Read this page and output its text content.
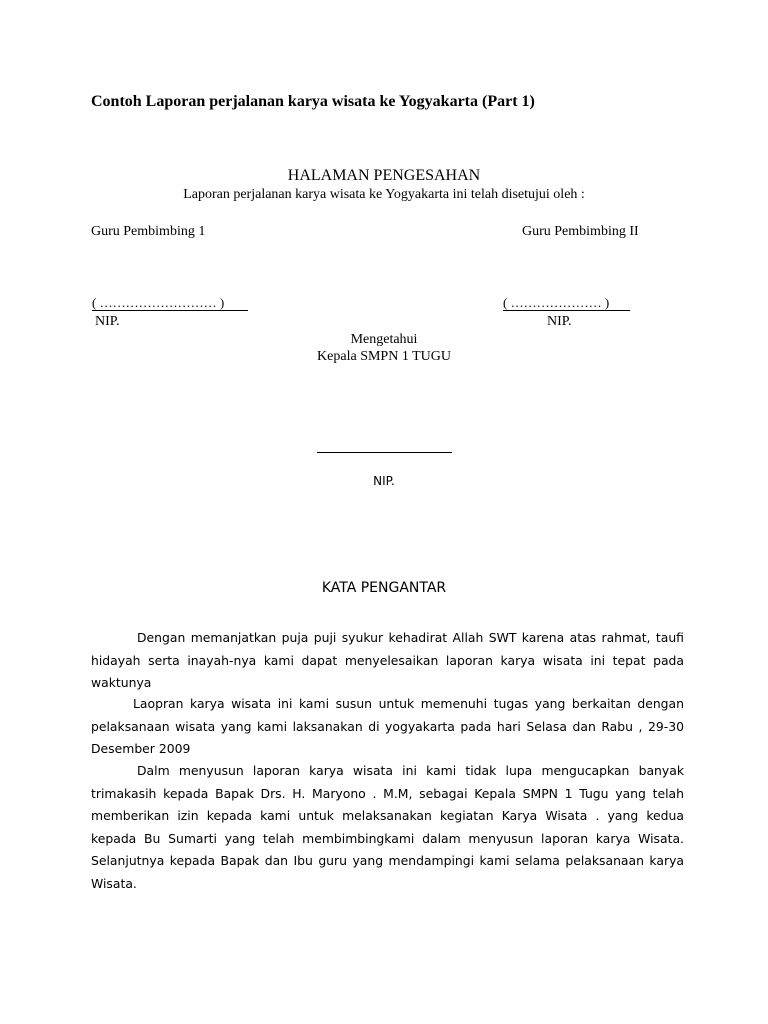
Contoh Laporan perjalanan karya wisata ke Yogyakarta (Part 1)
HALAMAN PENGESAHAN
Laporan perjalanan karya wisata ke Yogyakarta ini telah disetujui oleh :
Guru Pembimbing 1	Guru Pembimbing II
( ……………………… )	( ………………… )
NIP.	NIP.
Mengetahui
Kepala SMPN 1 TUGU
NIP.
KATA PENGANTAR
Dengan memanjatkan puja puji syukur kehadirat Allah SWT karena atas rahmat, taufi hidayah serta inayah-nya kami dapat menyelesaikan laporan karya wisata ini tepat pada waktunya
Laopran karya wisata ini kami susun untuk memenuhi tugas yang berkaitan dengan pelaksanaan wisata yang kami laksanakan di yogyakarta pada hari Selasa dan Rabu , 29-30 Desember 2009
Dalm menyusun laporan karya wisata ini kami tidak lupa mengucapkan banyak trimakasih kepada Bapak Drs. H. Maryono . M.M, sebagai Kepala SMPN 1 Tugu yang telah memberikan izin kepada kami untuk melaksanakan kegiatan Karya Wisata . yang kedua kepada Bu Sumarti yang telah membimbingkami dalam menyusun laporan karya Wisata. Selanjutnya kepada Bapak dan Ibu guru yang mendampingi kami selama pelaksanaan karya Wisata.
